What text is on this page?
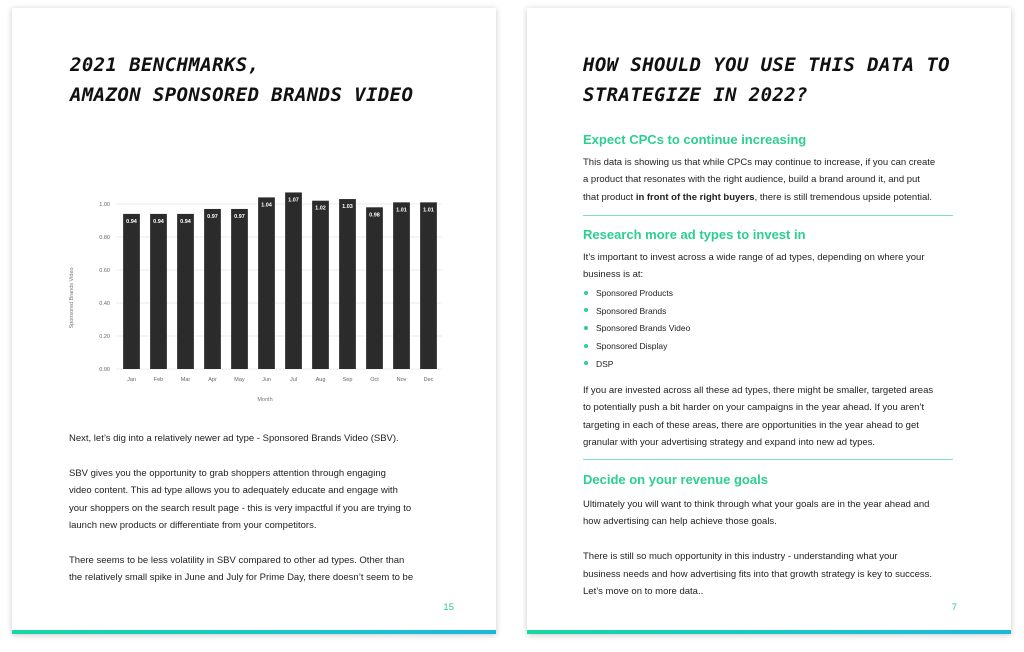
2021 BENCHMARKS,
AMAZON SPONSORED BRANDS VIDEO
0.00
0.20
0.40
0.60
0.80
1.00
0.94
Jan
0.94
Feb
0.94
Mar
0.97
Apr
0.97
May
1.04
Jun
1.07
Jul
1.02
Aug
1.03
Sep
0.98
Oct
1.01
Nov
1.01
Dec
Sponsored Brands Video
Month

Next, let’s dig into a relatively newer ad type - Sponsored Brands Video (SBV).

SBV gives you the opportunity to grab shoppers attention through engaging
video content. This ad type allows you to adequately educate and engage with
your shoppers on the search result page - this is very impactful if you are trying to
launch new products or differentiate from your competitors.

There seems to be less volatility in SBV compared to other ad types. Other than
the relatively small spike in June and July for Prime Day, there doesn’t seem to be

15
HOW SHOULD YOU USE THIS DATA TO
STRATEGIZE IN 2022?
Expect CPCs to continue increasing
This data is showing us that while CPCs may continue to increase, if you can create
a product that resonates with the right audience, build a brand around it, and put
that product in front of the right buyers, there is still tremendous upside potential.
Research more ad types to invest in
It’s important to invest across a wide range of ad types, depending on where your
business is at:
Sponsored Products
Sponsored Brands
Sponsored Brands Video
Sponsored Display
DSP
If you are invested across all these ad types, there might be smaller, targeted areas
to potentially push a bit harder on your campaigns in the year ahead. If you aren’t
targeting in each of these areas, there are opportunities in the year ahead to get
granular with your advertising strategy and expand into new ad types.
Decide on your revenue goals

Ultimately you will want to think through what your goals are in the year ahead and
how advertising can help achieve those goals.

There is still so much opportunity in this industry - understanding what your
business needs and how advertising fits into that growth strategy is key to success.
Let’s move on to more data..

7
